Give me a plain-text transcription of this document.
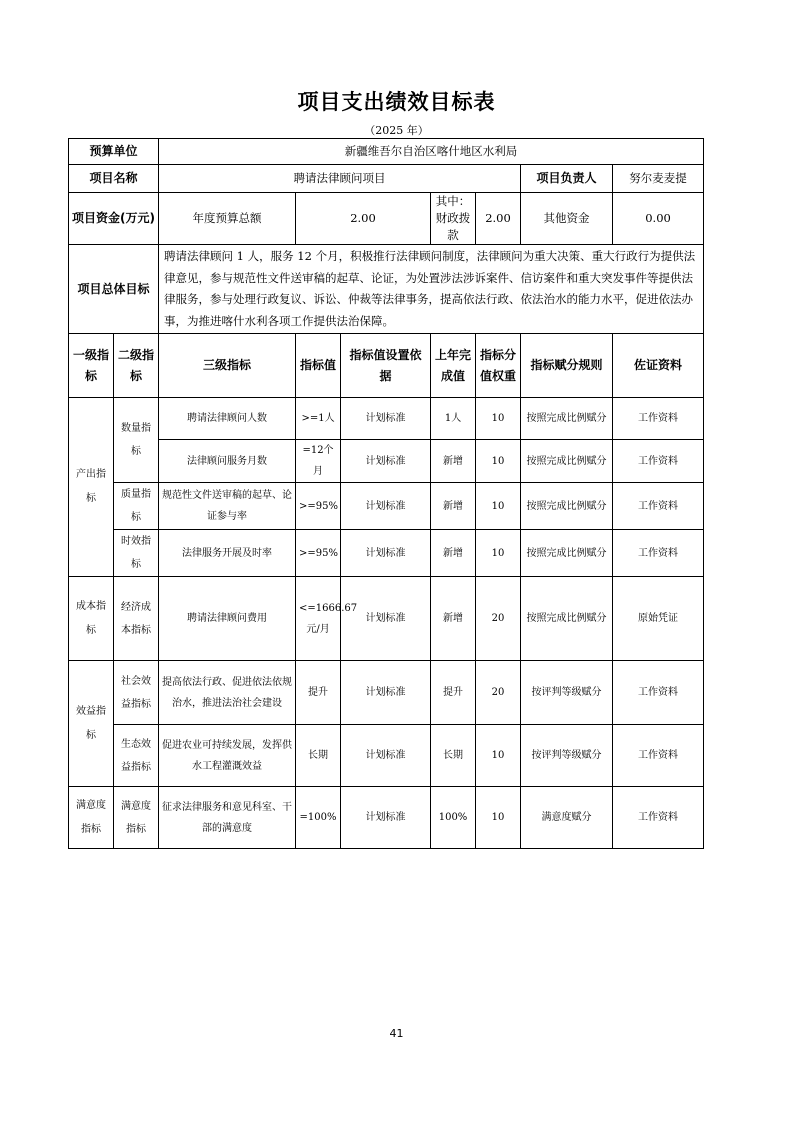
项目支出绩效目标表
（2025 年）
预算单位		新疆维吾尔自治区喀什地区水利局						
项目名称		聘请法律顾问项目					项目负责人	努尔麦麦提
项目资金(万元)		年度预算总额	2.00		其中：财政拨款	2.00	其他资金	0.00
项目总体目标		聘请法律顾问 1 人，服务 12 个月，积极推行法律顾问制度，法律顾问为重大决策、重大行政行为提供法律意见，参与规范性文件送审稿的起草、论证，为处置涉法涉诉案件、信访案件和重大突发事件等提供法律服务，参与处理行政复议、诉讼、仲裁等法律事务，提高依法行政、依法治水的能力水平，促进依法办事，为推进喀什水利各项工作提供法治保障。						
一级指标	二级指标	三级指标	指标值	指标值设置依据	上年完成值	指标分值权重	指标赋分规则	佐证资料
产出指标	数量指标	聘请法律顾问人数	>=1人	计划标准	1人	10	按照完成比例赋分	工作资料
		法律顾问服务月数	=12个月	计划标准	新增	10	按照完成比例赋分	工作资料
	质量指标	规范性文件送审稿的起草、论证参与率	>=95%	计划标准	新增	10	按照完成比例赋分	工作资料
	时效指标	法律服务开展及时率	>=95%	计划标准	新增	10	按照完成比例赋分	工作资料
成本指标	经济成本指标	聘请法律顾问费用	<=1666.67元/月	计划标准	新增	20	按照完成比例赋分	原始凭证
效益指标	社会效益指标	提高依法行政、促进依法依规治水，推进法治社会建设	提升	计划标准	提升	20	按评判等级赋分	工作资料
	生态效益指标	促进农业可持续发展，发挥供水工程灌溉效益	长期	计划标准	长期	10	按评判等级赋分	工作资料
满意度指标	满意度指标	征求法律服务和意见科室、干部的满意度	=100%	计划标准	100%	10	满意度赋分	工作资料
41
